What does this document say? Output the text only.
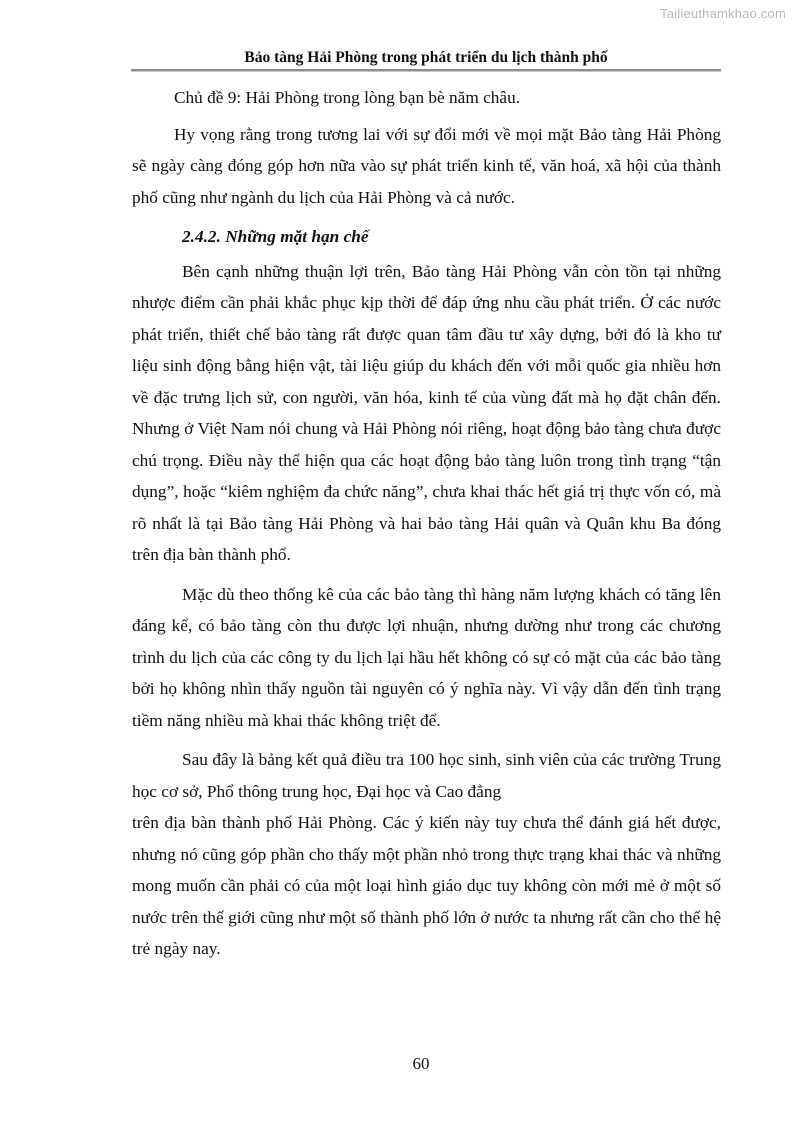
Tailieuthamkhao.com
Bảo tàng Hải Phòng trong phát triển du lịch thành phố

Chủ đề 9: Hải Phòng trong lòng bạn bè năm châu.

Hy vọng rằng trong tương lai với sự đổi mới về mọi mặt Bảo tàng Hải Phòng sẽ ngày càng đóng góp hơn nữa vào sự phát triển kinh tế, văn hoá, xã hội của thành phố cũng như ngành du lịch của Hải Phòng và cả nước.

2.4.2. Những mặt hạn chế

Bên cạnh những thuận lợi trên, Bảo tàng Hải Phòng vẫn còn tồn tại những nhược điểm cần phải khắc phục kịp thời để đáp ứng nhu cầu phát triển. Ở các nước phát triển, thiết chế bảo tàng rất được quan tâm đầu tư xây dựng, bởi đó là kho tư liệu sinh động bằng hiện vật, tài liệu giúp du khách đến với mỗi quốc gia nhiều hơn về đặc trưng lịch sử, con người, văn hóa, kinh tế của vùng đất mà họ đặt chân đến. Nhưng ở Việt Nam nói chung và Hải Phòng nói riêng, hoạt động bảo tàng chưa được chú trọng. Điều này thể hiện qua các hoạt động bảo tàng luôn trong tình trạng “tận dụng”, hoặc “kiêm nghiệm đa chức năng”, chưa khai thác hết giá trị thực vốn có, mà rõ nhất là tại Bảo tàng Hải Phòng và hai bảo tàng Hải quân và Quân khu Ba đóng trên địa bàn thành phố.

Mặc dù theo thống kê của các bảo tàng thì hàng năm lượng khách có tăng lên đáng kể, có bảo tàng còn thu được lợi nhuận, nhưng dường như trong các chương trình du lịch của các công ty du lịch lại hầu hết không có sự có mặt của các bảo tàng bởi họ không nhìn thấy nguồn tài nguyên có ý nghĩa này. Vì vậy dẫn đến tình trạng tiềm năng nhiều mà khai thác không triệt để.

Sau đây là bảng kết quả điều tra 100 học sinh, sinh viên của các trường Trung học cơ sở, Phổ thông trung học, Đại học và Cao đẳng

trên địa bàn thành phố Hải Phòng. Các ý kiến này tuy chưa thể đánh giá hết được, nhưng nó cũng góp phần cho thấy một phần nhỏ trong thực trạng khai thác và những mong muốn cần phải có của một loại hình giáo dục tuy không còn mới mẻ ở một số nước trên thế giới cũng như một số thành phố lớn ở nước ta nhưng rất cần cho thế hệ trẻ ngày nay.

60
